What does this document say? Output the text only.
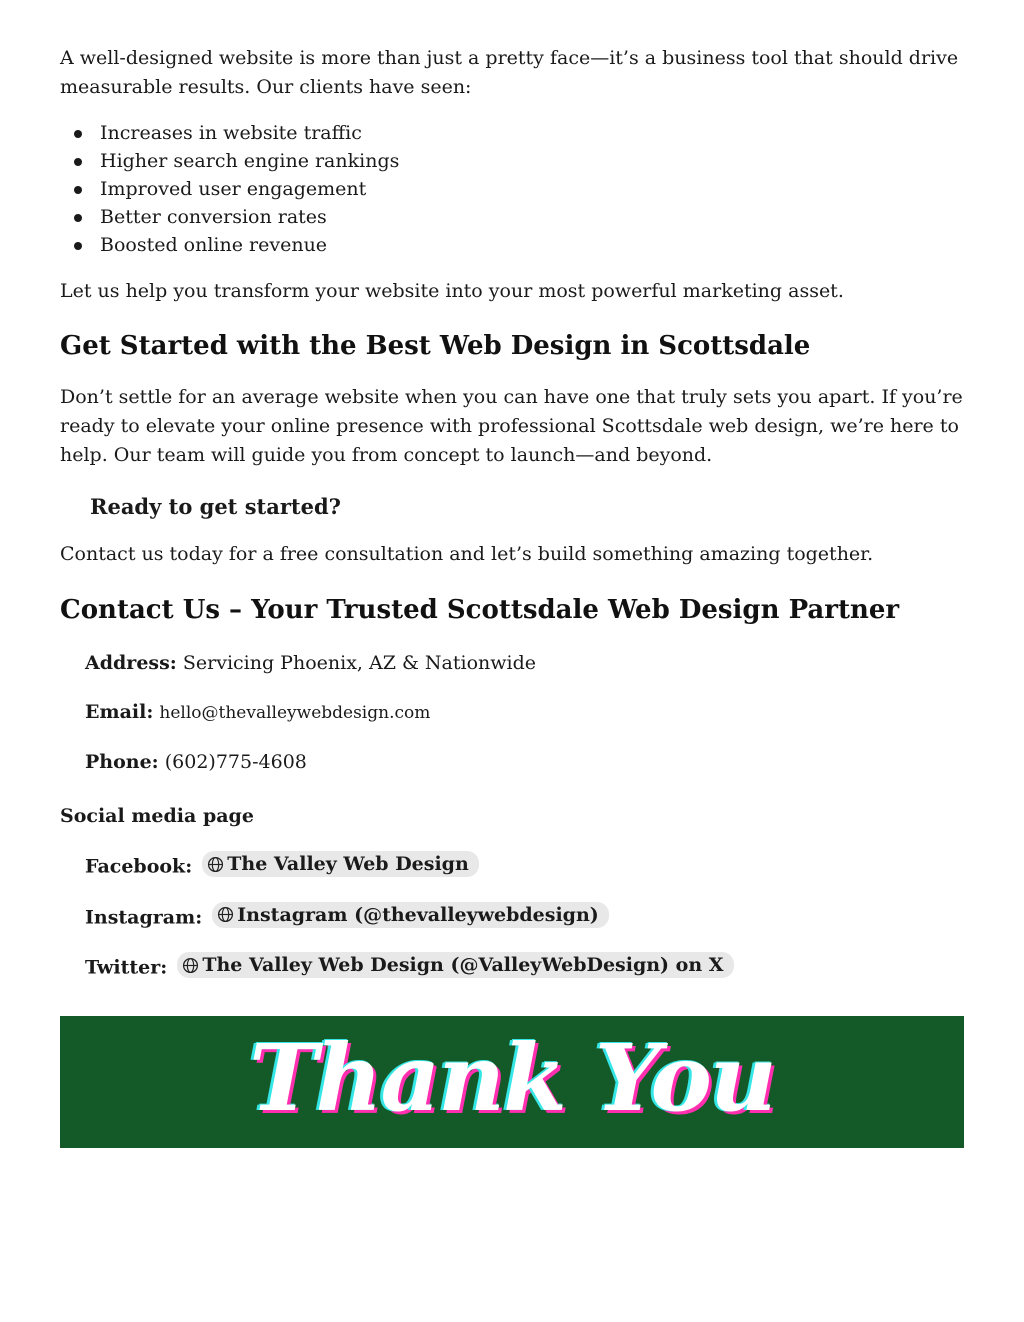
A well-designed website is more than just a pretty face—it’s a business tool that should drive measurable results. Our clients have seen:

Increases in website traffic
Higher search engine rankings
Improved user engagement
Better conversion rates
Boosted online revenue

Let us help you transform your website into your most powerful marketing asset.

Get Started with the Best Web Design in Scottsdale

Don’t settle for an average website when you can have one that truly sets you apart. If you’re ready to elevate your online presence with professional Scottsdale web design, we’re here to help. Our team will guide you from concept to launch—and beyond.

Ready to get started?

Contact us today for a free consultation and let’s build something amazing together.

Contact Us – Your Trusted Scottsdale Web Design Partner
Address: Servicing Phoenix, AZ & Nationwide
Email: hello@thevalleywebdesign.com
Phone: (602)775-4608
Social media page
Facebook: The Valley Web Design
Instagram: Instagram (@thevalleywebdesign)
Twitter: The Valley Web Design (@ValleyWebDesign) on X
Thank You
